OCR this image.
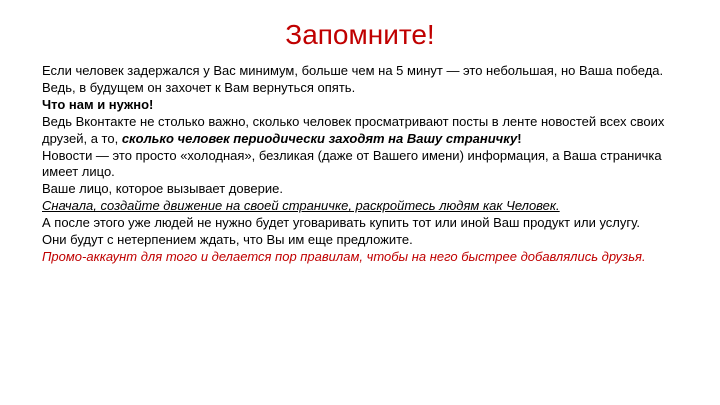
Запомните!

Если человек задержался у Вас минимум, больше чем на 5 минут — это небольшая, но Ваша победа.

Ведь, в будущем он захочет к Вам вернуться опять.

Что нам и нужно!

Ведь Вконтакте не столько важно, сколько человек просматривают посты в ленте новостей всех своих друзей, а то, сколько человек периодически заходят на Вашу страничку!

Новости — это просто «холодная», безликая (даже от Вашего имени) информация, а Ваша страничка имеет лицо.

Ваше лицо, которое вызывает доверие.

Сначала, создайте движение на своей страничке, раскройтесь людям как Человек.

А после этого уже людей не нужно будет уговаривать купить тот или иной Ваш продукт или услугу.

Они будут с нетерпением ждать, что Вы им еще предложите.

Промо-аккаунт для того и делается пор правилам, чтобы на него быстрее добавлялись друзья.
